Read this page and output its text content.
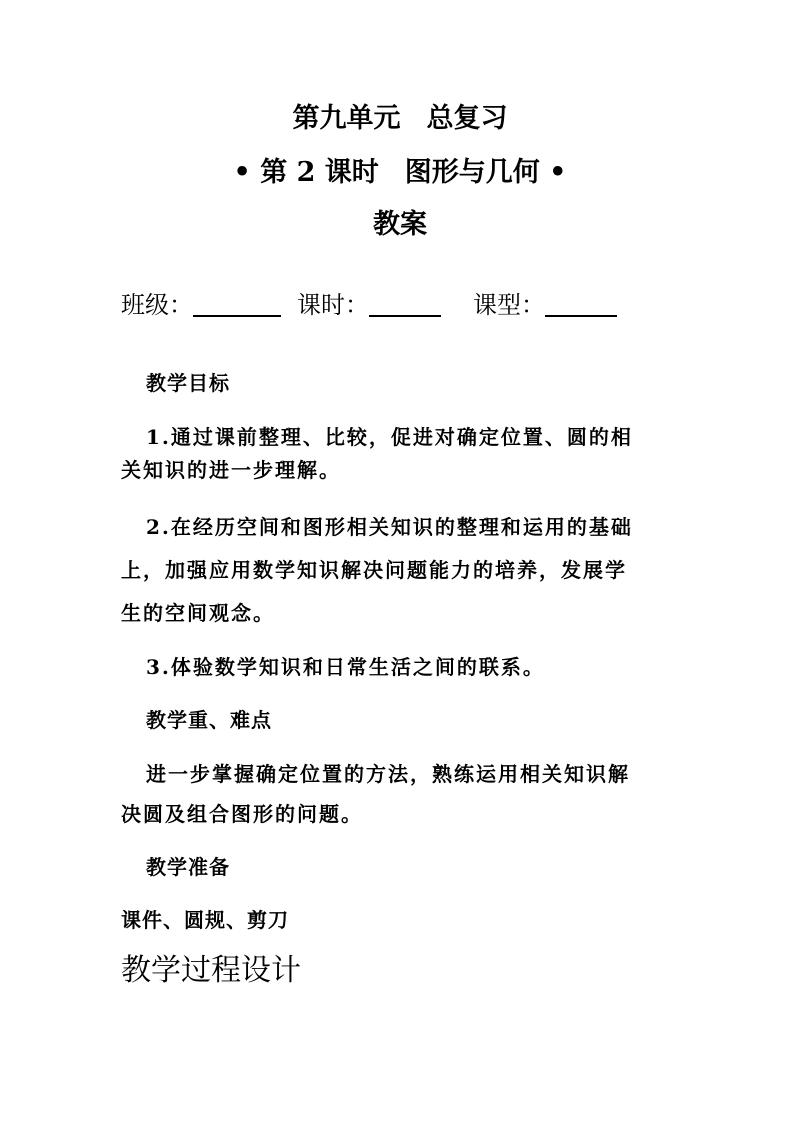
第九单元 总复习
• 第 2 课时 图形与几何 •
教案
班级：	课时：	课型：
教学目标
1.通过课前整理、比较，促进对确定位置、圆的相
关知识的进一步理解。
2.在经历空间和图形相关知识的整理和运用的基础
上，加强应用数学知识解决问题能力的培养，发展学
生的空间观念。
3.体验数学知识和日常生活之间的联系。
教学重、难点
进一步掌握确定位置的方法，熟练运用相关知识解
决圆及组合图形的问题。
教学准备
课件、圆规、剪刀
教学过程设计
